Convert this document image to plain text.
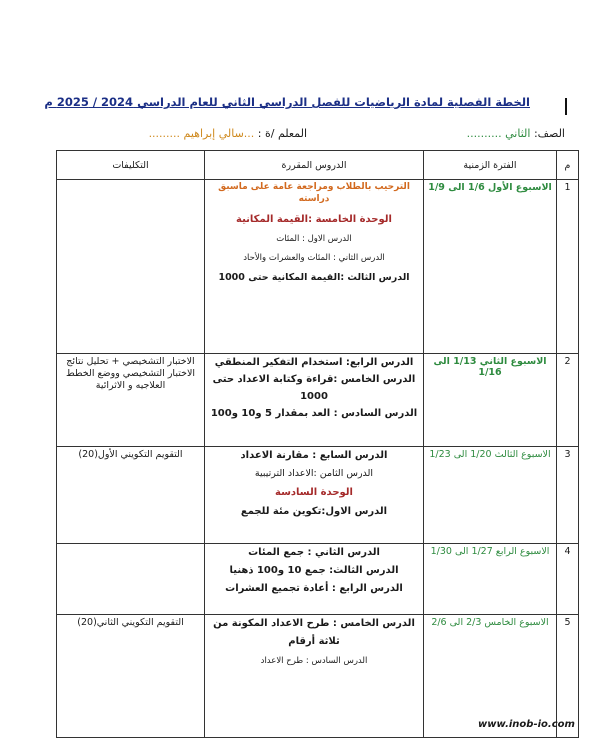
الخطة الفصلية لمادة الرياضيات للفصل الدراسي الثاني للعام الدراسي 2024 / 2025 م
الصف: الثاني ..........
المعلم /ة : ...سالي إبراهيم .........
م	الفترة الزمنية	الدروس المقررة	التكليفات
1	الاسبوع الأول 1/6 الى 1/9	الترحيب بالطلاب ومراجعة عامة على ماسبق دراسته

الوحدة الخامسة :القيمة المكانية

الدرس الاول : المئات

الدرس الثاني : المئات والعشرات والأحاد

الدرس الثالث :القيمة المكانية حتى 1000	

2	الاسبوع الثاني 1/13 الى 1/16	الدرس الرابع: استخدام التفكير المنطقي

الدرس الخامس :قراءة وكتابة الاعداد حتى

1000

الدرس السادس : العد بمقدار 5 و10 و100	الاختبار التشخيصي + تحليل نتائج الاختبار التشخيصي ووضع الخطط العلاجيه و الاثرائية
3	الاسبوع الثالث 1/20 الى 1/23	الدرس السابع : مقارنة الاعداد

الدرس الثامن :الاعداد الترتيبية

الوحدة السادسة

الدرس الاول:تكوين مئة للجمع	التقويم التكويني الأول(20)
4	الاسبوع الرابع 1/27 الى 1/30	الدرس الثاني : جمع المئات

الدرس الثالث: جمع 10 و100 ذهنيا

الدرس الرابع : أعادة تجميع العشرات	

5	الاسبوع الخامس 2/3 الى 2/6	الدرس الخامس : طرح الاعداد المكونة من

ثلاثة أرقام

الدرس السادس : طرح الاعداد	التقويم التكويني الثاني(20)
www.inob-io.com
